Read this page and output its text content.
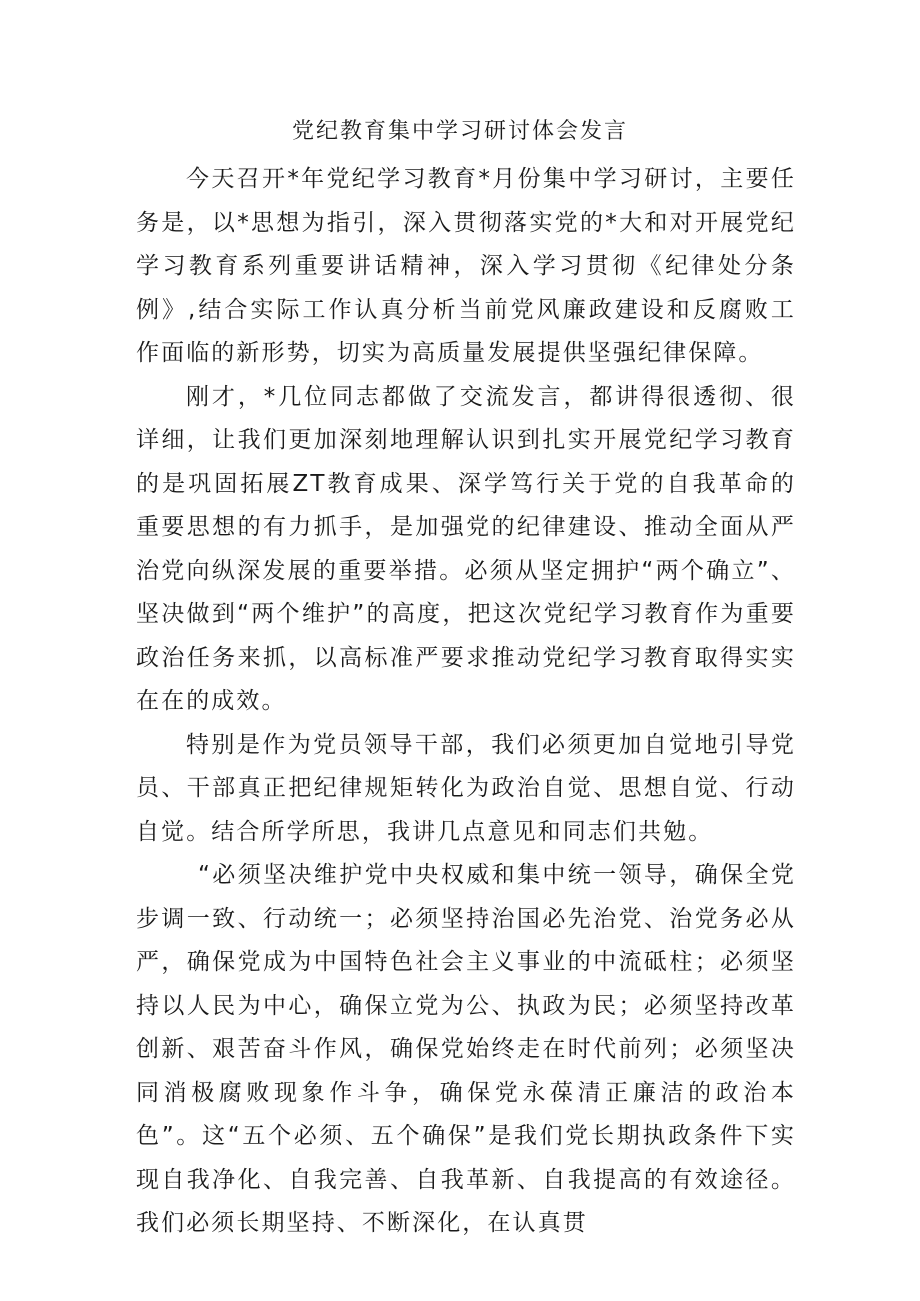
党纪教育集中学习研讨体会发言

今天召开*年党纪学习教育*月份集中学习研讨，主要任务是，以*思想为指引，深入贯彻落实党的*大和对开展党纪学习教育系列重要讲话精神，深入学习贯彻《纪律处分条例》,结合实际工作认真分析当前党风廉政建设和反腐败工作面临的新形势，切实为高质量发展提供坚强纪律保障。

刚才，*几位同志都做了交流发言，都讲得很透彻、很详细，让我们更加深刻地理解认识到扎实开展党纪学习教育的是巩固拓展ZT教育成果、深学笃行关于党的自我革命的重要思想的有力抓手，是加强党的纪律建设、推动全面从严治党向纵深发展的重要举措。必须从坚定拥护“两个确立”、坚决做到“两个维护”的高度，把这次党纪学习教育作为重要政治任务来抓，以高标准严要求推动党纪学习教育取得实实在在的成效。

特别是作为党员领导干部，我们必须更加自觉地引导党员、干部真正把纪律规矩转化为政治自觉、思想自觉、行动自觉。结合所学所思，我讲几点意见和同志们共勉。

“必须坚决维护党中央权威和集中统一领导，确保全党步调一致、行动统一；必须坚持治国必先治党、治党务必从严，确保党成为中国特色社会主义事业的中流砥柱；必须坚持以人民为中心，确保立党为公、执政为民；必须坚持改革创新、艰苦奋斗作风，确保党始终走在时代前列；必须坚决同消极腐败现象作斗争，确保党永葆清正廉洁的政治本色”。这“五个必须、五个确保”是我们党长期执政条件下实现自我净化、自我完善、自我革新、自我提高的有效途径。我们必须长期坚持、不断深化，在认真贯
